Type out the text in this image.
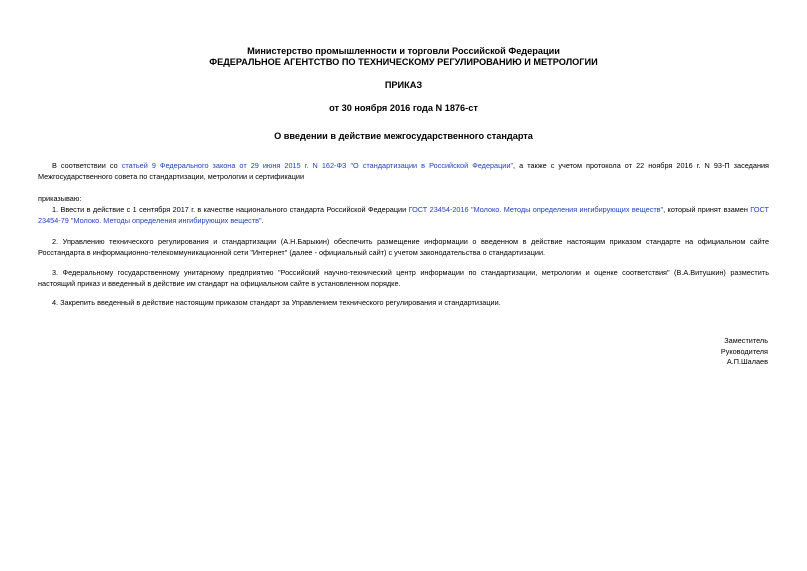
Министерство промышленности и торговли Российской Федерации
ФЕДЕРАЛЬНОЕ АГЕНТСТВО ПО ТЕХНИЧЕСКОМУ РЕГУЛИРОВАНИЮ И МЕТРОЛОГИИ
ПРИКАЗ
от 30 ноября 2016 года N 1876-ст
О введении в действие межгосударственного стандарта
В соответствии со статьей 9 Федерального закона от 29 июня 2015 г. N 162-ФЗ "О стандартизации в Российской Федерации", а также с учетом протокола от 22 ноября 2016 г. N 93-П заседания Межгосударственного совета по стандартизации, метрологии и сертификации
приказываю:
1. Ввести в действие с 1 сентября 2017 г. в качестве национального стандарта Российской Федерации ГОСТ 23454-2016 "Молоко. Методы определения ингибирующих веществ", который принят взамен ГОСТ 23454-79 "Молоко. Методы определения ингибирующих веществ".
2. Управлению технического регулирования и стандартизации (А.Н.Барыкин) обеспечить размещение информации о введенном в действие настоящим приказом стандарте на официальном сайте Росстандарта в информационно-телекоммуникационной сети "Интернет" (далее - официальный сайт) с учетом законодательства о стандартизации.
3. Федеральному государственному унитарному предприятию "Российский научно-технический центр информации по стандартизации, метрологии и оценке соответствия" (В.А.Витушкин) разместить настоящий приказ и введенный в действие им стандарт на официальном сайте в установленном порядке.
4. Закрепить введенный в действие настоящим приказом стандарт за Управлением технического регулирования и стандартизации.
Заместитель
Руководителя
А.П.Шалаев
